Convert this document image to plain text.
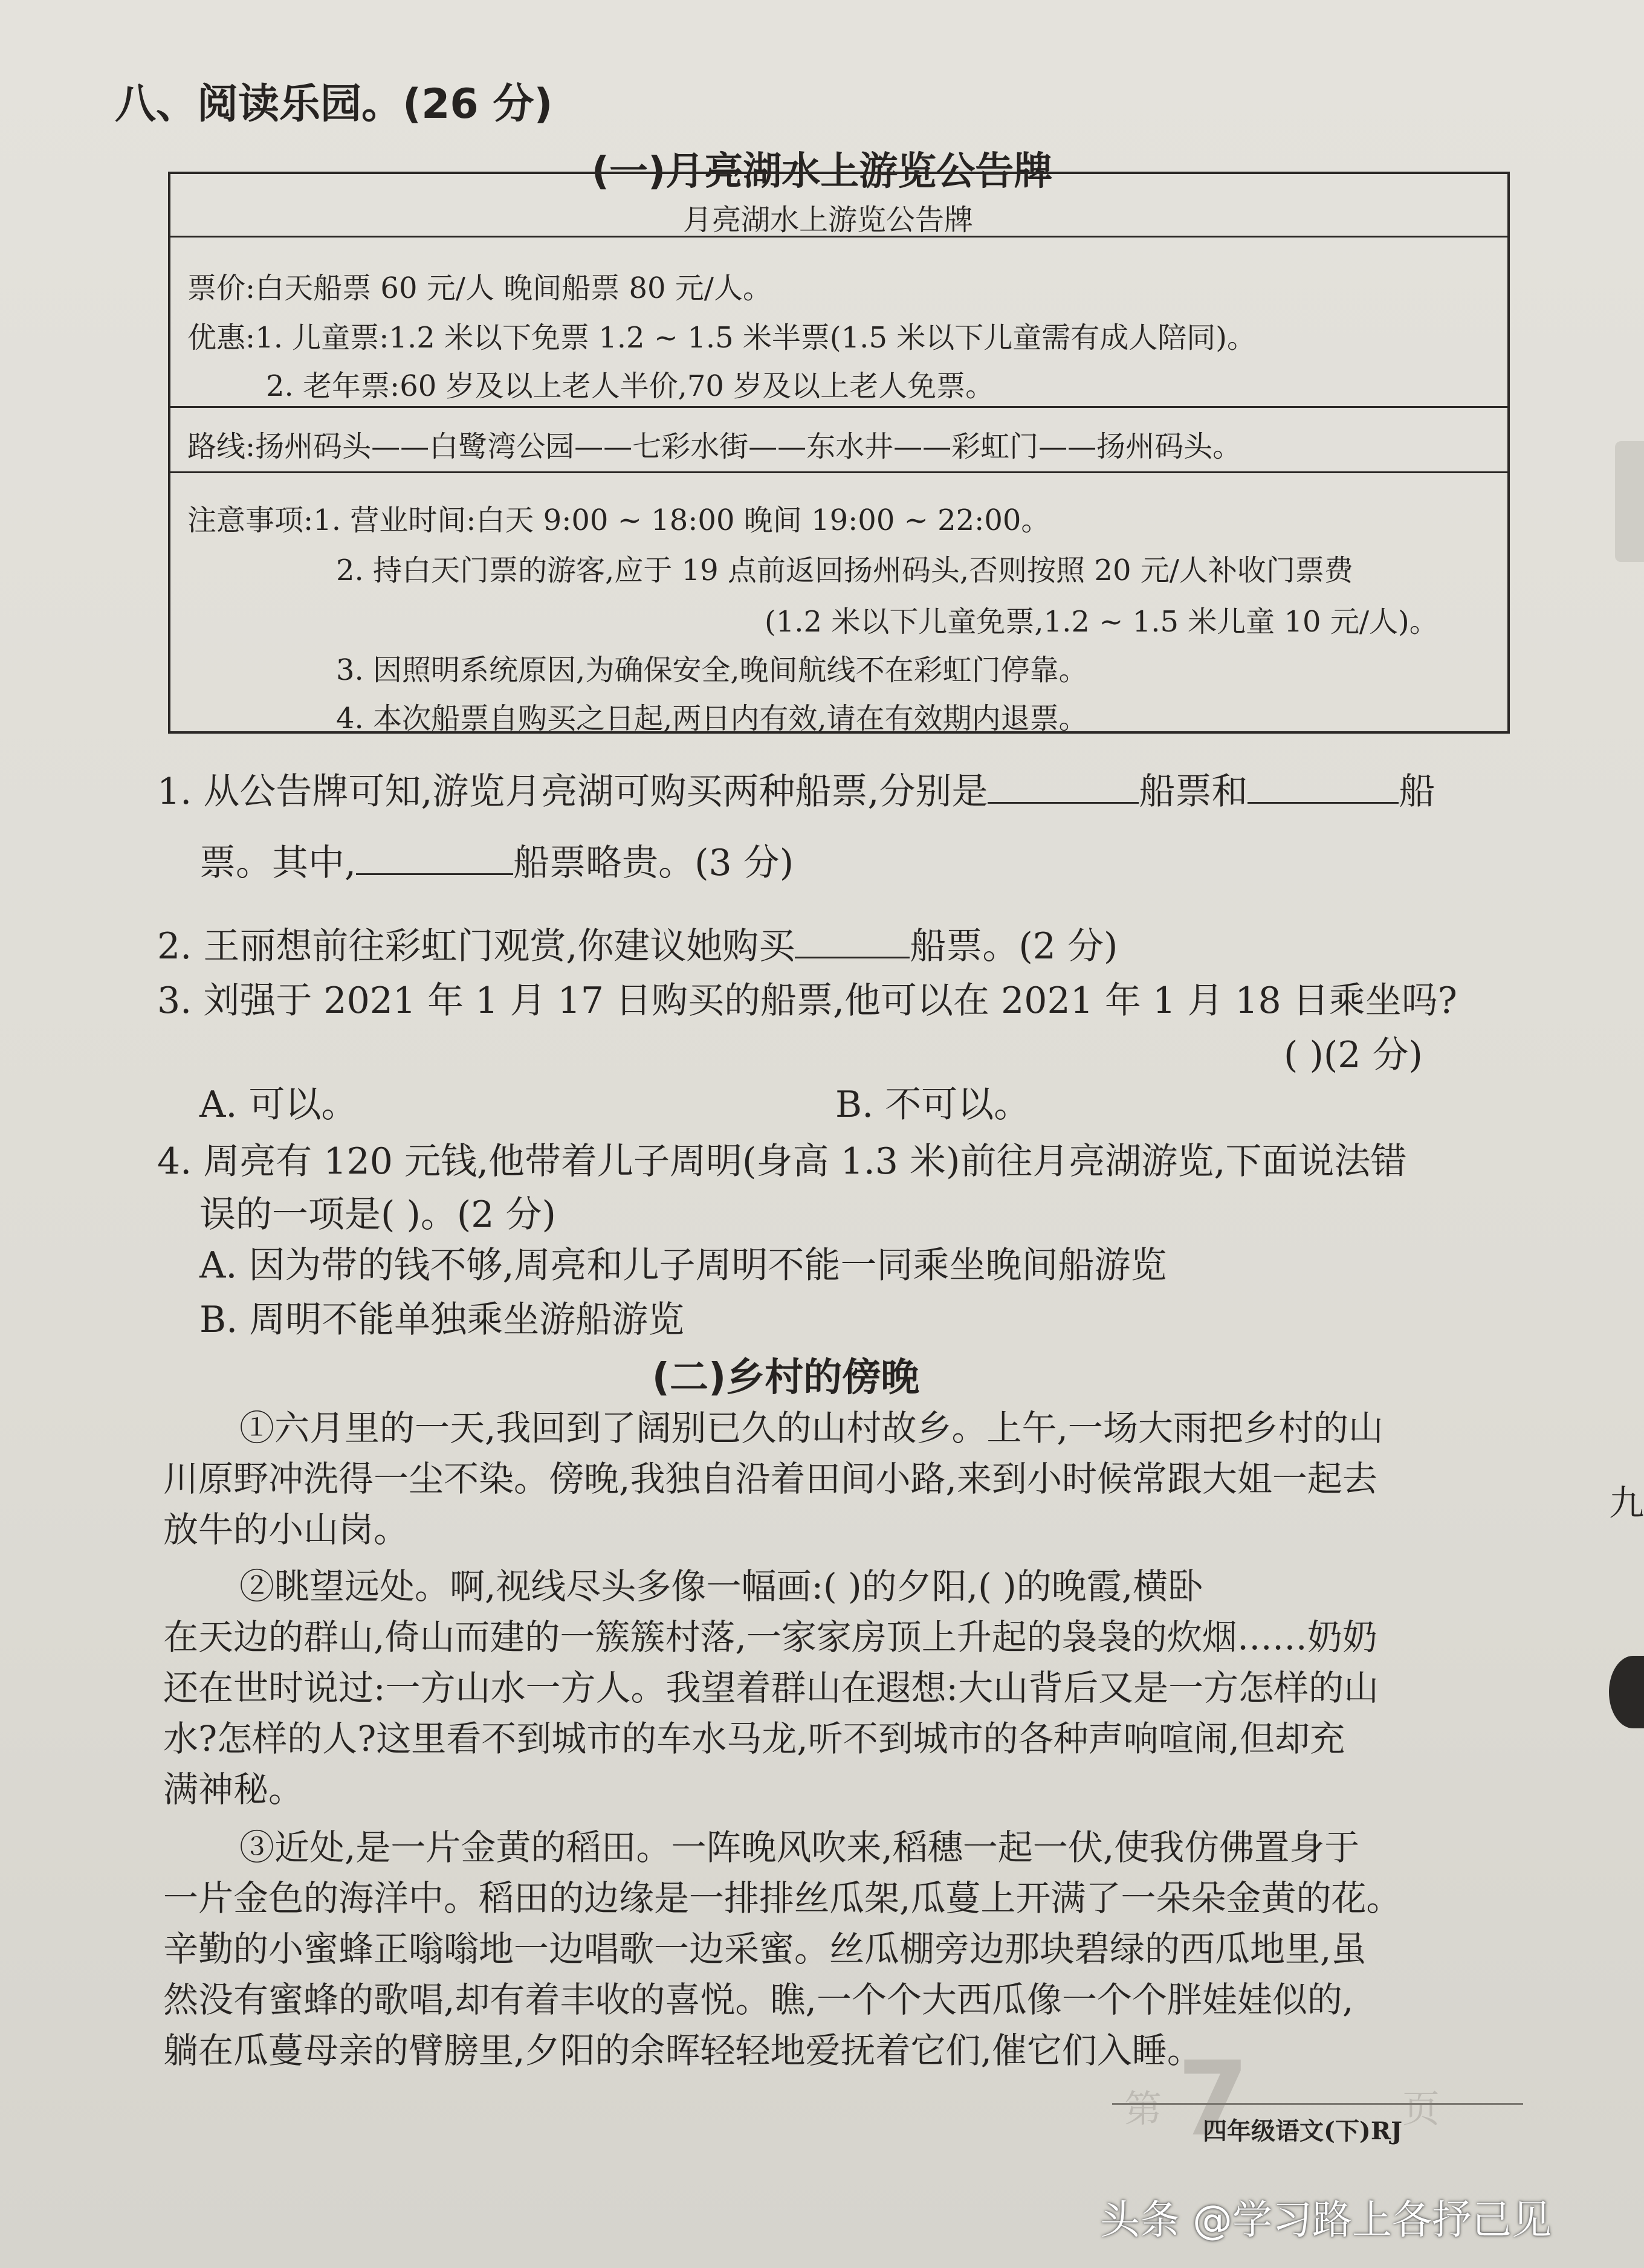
八、阅读乐园。(26 分)
(一)月亮湖水上游览公告牌
月亮湖水上游览公告牌
票价:白天船票 60 元/人 晚间船票 80 元/人。
优惠:1. 儿童票:1.2 米以下免票 1.2 ~ 1.5 米半票(1.5 米以下儿童需有成人陪同)。
2. 老年票:60 岁及以上老人半价,70 岁及以上老人免票。
路线:扬州码头——白鹭湾公园——七彩水街——东水井——彩虹门——扬州码头。
注意事项:1. 营业时间:白天 9:00 ~ 18:00 晚间 19:00 ~ 22:00。
2. 持白天门票的游客,应于 19 点前返回扬州码头,否则按照 20 元/人补收门票费
(1.2 米以下儿童免票,1.2 ~ 1.5 米儿童 10 元/人)。
3. 因照明系统原因,为确保安全,晚间航线不在彩虹门停靠。
4. 本次船票自购买之日起,两日内有效,请在有效期内退票。
1. 从公告牌可知,游览月亮湖可购买两种船票,分别是	船票和	船
票。其中,	船票略贵。(3 分)
2. 王丽想前往彩虹门观赏,你建议她购买	船票。(2 分)
3. 刘强于 2021 年 1 月 17 日购买的船票,他可以在 2021 年 1 月 18 日乘坐吗?
( )(2 分)
A. 可以。	B. 不可以。
4. 周亮有 120 元钱,他带着儿子周明(身高 1.3 米)前往月亮湖游览,下面说法错
误的一项是( )。(2 分)
A. 因为带的钱不够,周亮和儿子周明不能一同乘坐晚间船游览
B. 周明不能单独乘坐游船游览
(二)乡村的傍晚
①六月里的一天,我回到了阔别已久的山村故乡。上午,一场大雨把乡村的山
川原野冲洗得一尘不染。傍晚,我独自沿着田间小路,来到小时候常跟大姐一起去
放牛的小山岗。
②眺望远处。啊,视线尽头多像一幅画:( )的夕阳,( )的晚霞,横卧
在天边的群山,倚山而建的一簇簇村落,一家家房顶上升起的袅袅的炊烟……奶奶
还在世时说过:一方山水一方人。我望着群山在遐想:大山背后又是一方怎样的山
水?怎样的人?这里看不到城市的车水马龙,听不到城市的各种声响喧闹,但却充
满神秘。
③近处,是一片金黄的稻田。一阵晚风吹来,稻穗一起一伏,使我仿佛置身于
一片金色的海洋中。稻田的边缘是一排排丝瓜架,瓜蔓上开满了一朵朵金黄的花。
辛勤的小蜜蜂正嗡嗡地一边唱歌一边采蜜。丝瓜棚旁边那块碧绿的西瓜地里,虽
然没有蜜蜂的歌唱,却有着丰收的喜悦。瞧,一个个大西瓜像一个个胖娃娃似的,
躺在瓜蔓母亲的臂膀里,夕阳的余晖轻轻地爱抚着它们,催它们入睡。
第 7	页
四年级语文(下)RJ
九
头条 @学习路上各抒己见
